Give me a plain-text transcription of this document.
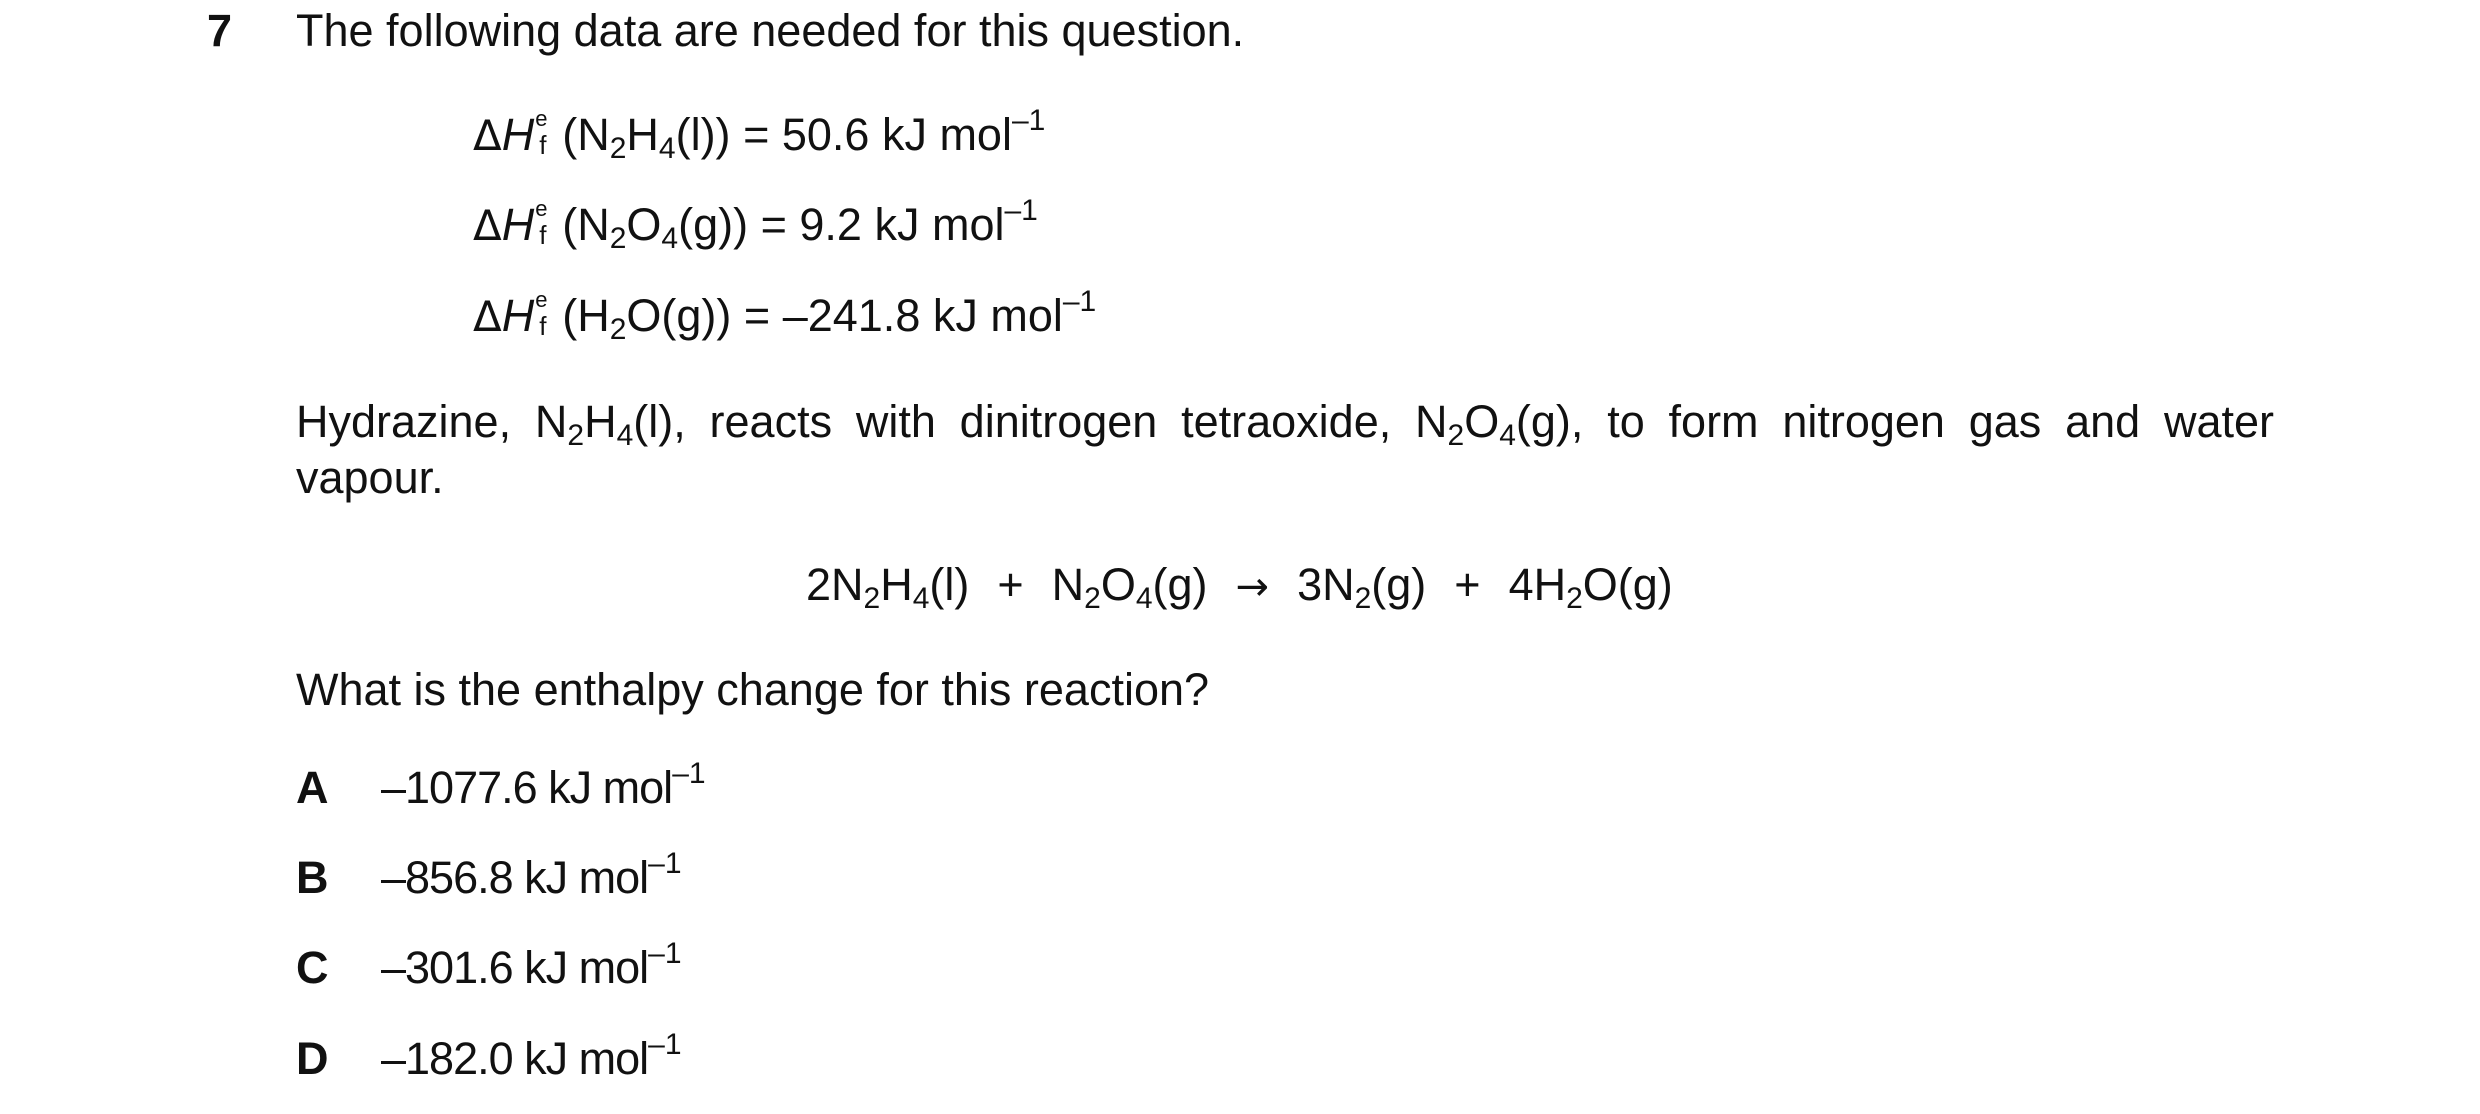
7 The following data are needed for this question.
ΔH e
f $(N_2H_4(l)) = 50.6$ kJ mol$^{-1}$
ΔH e
f $(N_2O_4(g)) = 9.2$ kJ mol$^{-1}$
ΔH e
f $(H_2O(g)) = -241.8$ kJ mol$^{-1}$
Hydrazine, $N_2H_4(l)$, reacts with dinitrogen tetraoxide, $N_2O_4(g)$, to form nitrogen gas and water vapour.
$2N_2H_4(l) + N_2O_4(g) \to 3N_2(g) + 4H_2O(g)$
What is the enthalpy change for this reaction?
A –1077.6 kJ mol$^{-1}$
B –856.8 kJ mol$^{-1}$
C –301.6 kJ mol$^{-1}$
D –182.0 kJ mol$^{-1}$
